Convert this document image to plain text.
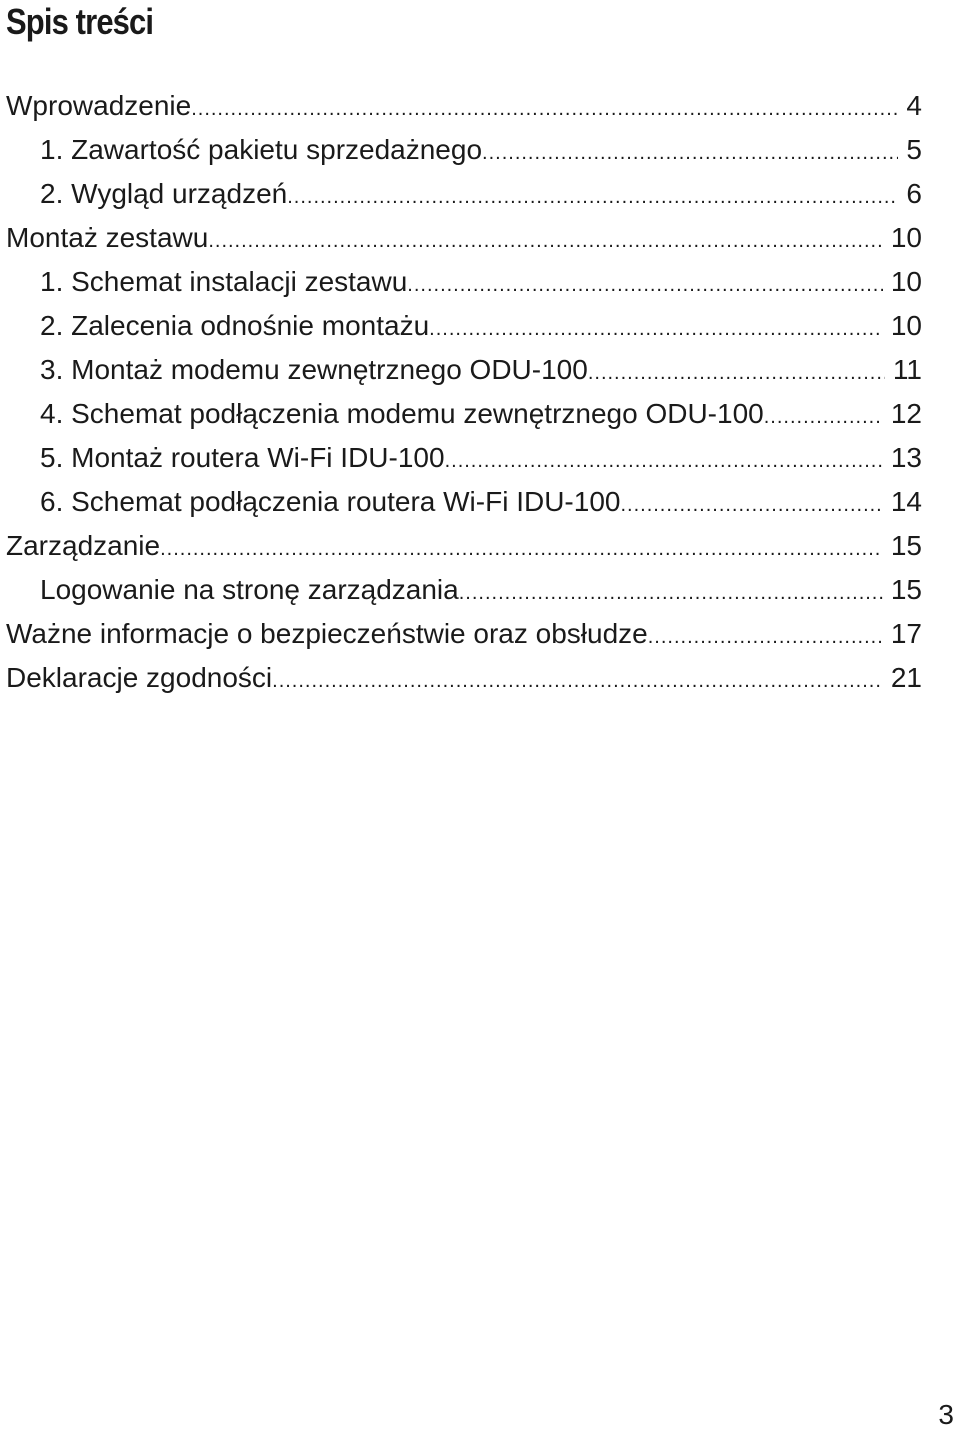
Spis treści
Wprowadzenie .....	4
1. Zawartość pakietu sprzedażnego .....	5
2. Wygląd urządzeń .....	6
Montaż zestawu .....	10
1. Schemat instalacji zestawu .....	10
2. Zalecenia odnośnie montażu .....	10
3. Montaż modemu zewnętrznego ODU-100 .....	11
4. Schemat podłączenia modemu zewnętrznego ODU-100 .....	12
5. Montaż routera Wi-Fi IDU-100 .....	13
6. Schemat podłączenia routera Wi-Fi IDU-100 .....	14
Zarządzanie .....	15
Logowanie na stronę zarządzania .....	15
Ważne informacje o bezpieczeństwie oraz obsłudze .....	17
Deklaracje zgodności .....	21
3
